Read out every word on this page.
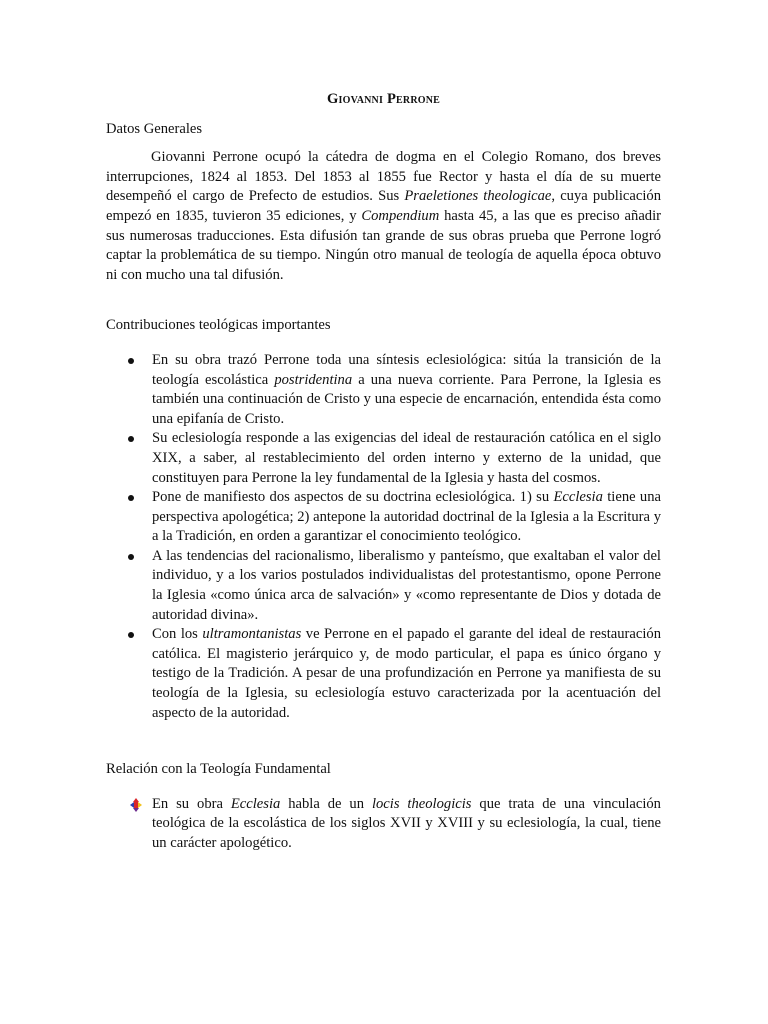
Giovanni Perrone
Datos Generales

Giovanni Perrone ocupó la cátedra de dogma en el Colegio Romano, dos breves interrupciones, 1824 al 1853. Del 1853 al 1855 fue Rector y hasta el día de su muerte desempeñó el cargo de Prefecto de estudios. Sus Praeletiones theologicae, cuya publicación empezó en 1835, tuvieron 35 ediciones, y Compendium hasta 45, a las que es preciso añadir sus numerosas traducciones. Esta difusión tan grande de sus obras prueba que Perrone logró captar la problemática de su tiempo. Ningún otro manual de teología de aquella época obtuvo ni con mucho una tal difusión.

Contribuciones teológicas importantes
En su obra trazó Perrone toda una síntesis eclesiológica: sitúa la transición de la teología escolástica postridentina a una nueva corriente. Para Perrone, la Iglesia es también una continuación de Cristo y una especie de encarnación, entendida ésta como una epifanía de Cristo.
Su eclesiología responde a las exigencias del ideal de restauración católica en el siglo XIX, a saber, al restablecimiento del orden interno y externo de la unidad, que constituyen para Perrone la ley fundamental de la Iglesia y hasta del cosmos.
Pone de manifiesto dos aspectos de su doctrina eclesiológica. 1) su Ecclesia tiene una perspectiva apologética; 2) antepone la autoridad doctrinal de la Iglesia a la Escritura y a la Tradición, en orden a garantizar el conocimiento teológico.
A las tendencias del racionalismo, liberalismo y panteísmo, que exaltaban el valor del individuo, y a los varios postulados individualistas del protestantismo, opone Perrone la Iglesia «como única arca de salvación» y «como representante de Dios y dotada de autoridad divina».
Con los ultramontanistas ve Perrone en el papado el garante del ideal de restauración católica. El magisterio jerárquico y, de modo particular, el papa es único órgano y testigo de la Tradición. A pesar de una profundización en Perrone ya manifiesta de su teología de la Iglesia, su eclesiología estuvo caracterizada por la acentuación del aspecto de la autoridad.
Relación con la Teología Fundamental
En su obra Ecclesia habla de un locis theologicis que trata de una vinculación teológica de la escolástica de los siglos XVII y XVIII y su eclesiología, la cual, tiene un carácter apologético.
